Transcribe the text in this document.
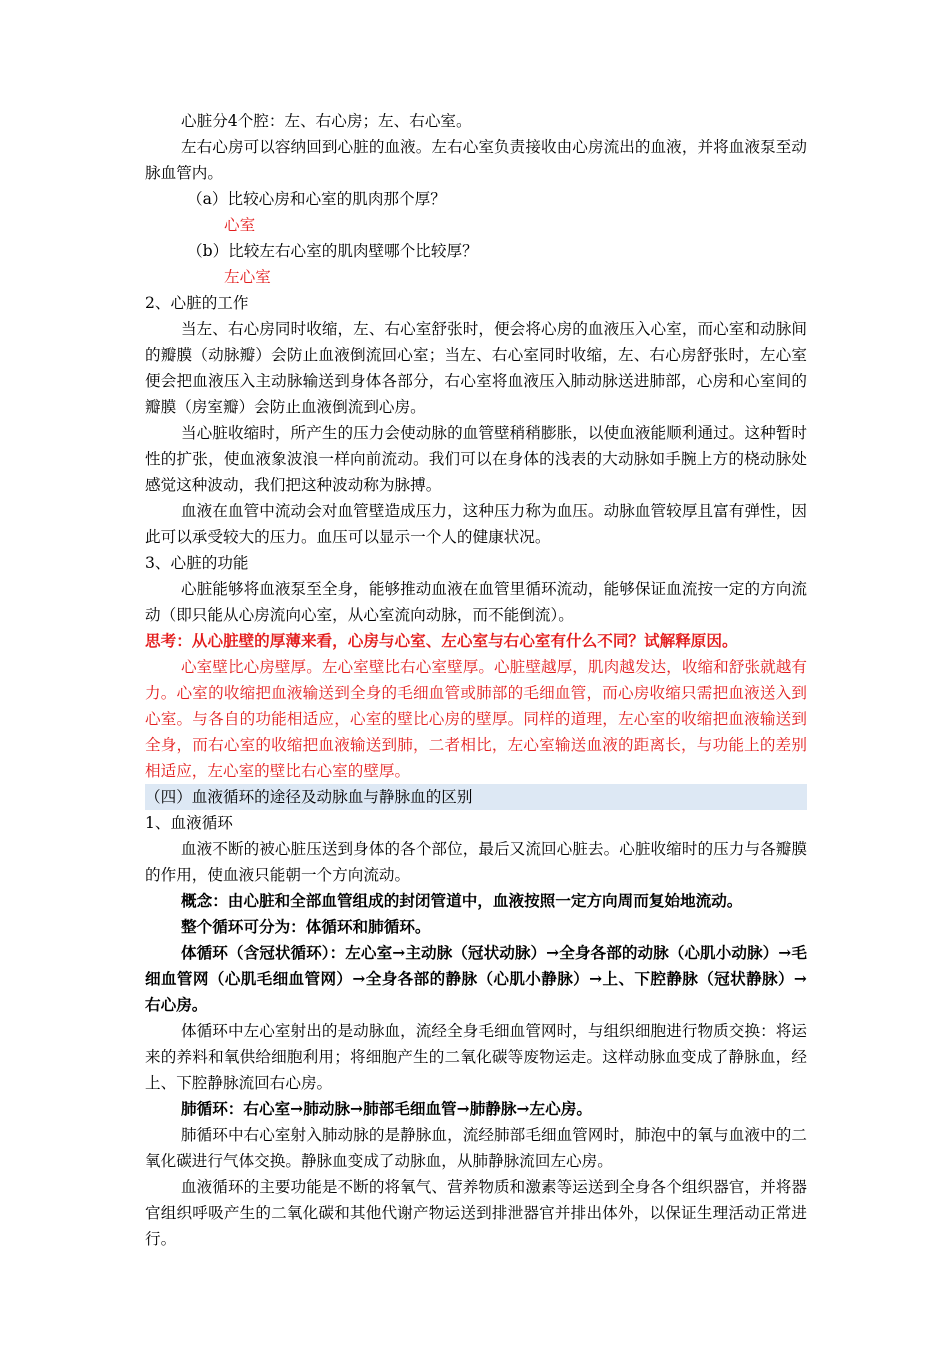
心脏分4个腔：左、右心房；左、右心室。

左右心房可以容纳回到心脏的血液。左右心室负责接收由心房流出的血液，并将血液泵至动脉血管内。

（a）比较心房和心室的肌肉那个厚？

心室

（b）比较左右心室的肌肉壁哪个比较厚？

左心室

2、心脏的工作

当左、右心房同时收缩，左、右心室舒张时，便会将心房的血液压入心室，而心室和动脉间的瓣膜（动脉瓣）会防止血液倒流回心室；当左、右心室同时收缩，左、右心房舒张时，左心室便会把血液压入主动脉输送到身体各部分，右心室将血液压入肺动脉送进肺部，心房和心室间的瓣膜（房室瓣）会防止血液倒流到心房。

当心脏收缩时，所产生的压力会使动脉的血管壁稍稍膨胀，以使血液能顺利通过。这种暂时性的扩张，使血液象波浪一样向前流动。我们可以在身体的浅表的大动脉如手腕上方的桡动脉处感觉这种波动，我们把这种波动称为脉搏。

血液在血管中流动会对血管壁造成压力，这种压力称为血压。动脉血管较厚且富有弹性，因此可以承受较大的压力。血压可以显示一个人的健康状况。

3、心脏的功能

心脏能够将血液泵至全身，能够推动血液在血管里循环流动，能够保证血流按一定的方向流动（即只能从心房流向心室，从心室流向动脉，而不能倒流）。

思考：从心脏壁的厚薄来看，心房与心室、左心室与右心室有什么不同？试解释原因。

心室壁比心房壁厚。左心室壁比右心室壁厚。心脏壁越厚，肌肉越发达，收缩和舒张就越有力。心室的收缩把血液输送到全身的毛细血管或肺部的毛细血管，而心房收缩只需把血液送入到心室。与各自的功能相适应，心室的壁比心房的壁厚。同样的道理，左心室的收缩把血液输送到全身，而右心室的收缩把血液输送到肺，二者相比，左心室输送血液的距离长，与功能上的差别相适应，左心室的壁比右心室的壁厚。

（四）血液循环的途径及动脉血与静脉血的区别

1、血液循环

血液不断的被心脏压送到身体的各个部位，最后又流回心脏去。心脏收缩时的压力与各瓣膜的作用，使血液只能朝一个方向流动。

概念：由心脏和全部血管组成的封闭管道中，血液按照一定方向周而复始地流动。

整个循环可分为：体循环和肺循环。

体循环（含冠状循环）：左心室→主动脉（冠状动脉）→全身各部的动脉（心肌小动脉）→毛细血管网（心肌毛细血管网）→全身各部的静脉（心肌小静脉）→上、下腔静脉（冠状静脉）→右心房。

体循环中左心室射出的是动脉血，流经全身毛细血管网时，与组织细胞进行物质交换：将运来的养料和氧供给细胞利用；将细胞产生的二氧化碳等废物运走。这样动脉血变成了静脉血，经上、下腔静脉流回右心房。

肺循环：右心室→肺动脉→肺部毛细血管→肺静脉→左心房。

肺循环中右心室射入肺动脉的是静脉血，流经肺部毛细血管网时，肺泡中的氧与血液中的二氧化碳进行气体交换。静脉血变成了动脉血，从肺静脉流回左心房。

血液循环的主要功能是不断的将氧气、营养物质和激素等运送到全身各个组织器官，并将器官组织呼吸产生的二氧化碳和其他代谢产物运送到排泄器官并排出体外，以保证生理活动正常进行。
